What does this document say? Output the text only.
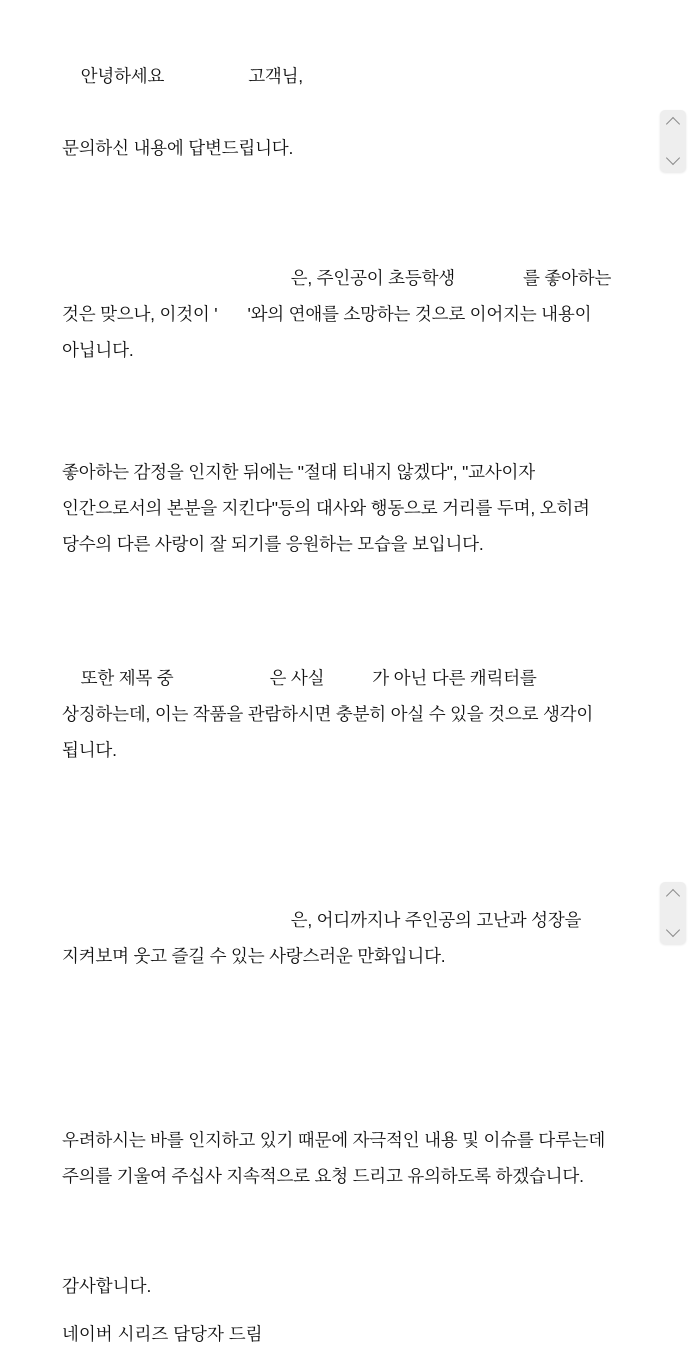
안녕하세요	고객님,

문의하신 내용에 답변드립니다.

은, 주인공이 초등학생	를 좋아하는 것은 맞으나, 이것이 ' '와의 연애를 소망하는 것으로 이어지는 내용이 아닙니다.

좋아하는 감정을 인지한 뒤에는 "절대 티내지 않겠다", "교사이자 인간으로서의 본분을 지킨다"등의 대사와 행동으로 거리를 두며, 오히려 당수의 다른 사랑이 잘 되기를 응원하는 모습을 보입니다.

또한 제목 중	은 사실	가 아닌 다른 캐릭터를 상징하는데, 이는 작품을 관람하시면 충분히 아실 수 있을 것으로 생각이 됩니다.

은, 어디까지나 주인공의 고난과 성장을 지켜보며 웃고 즐길 수 있는 사랑스러운 만화입니다.

우려하시는 바를 인지하고 있기 때문에 자극적인 내용 및 이슈를 다루는데 주의를 기울여 주십사 지속적으로 요청 드리고 유의하도록 하겠습니다.
감사합니다.
네이버 시리즈 담당자 드림
